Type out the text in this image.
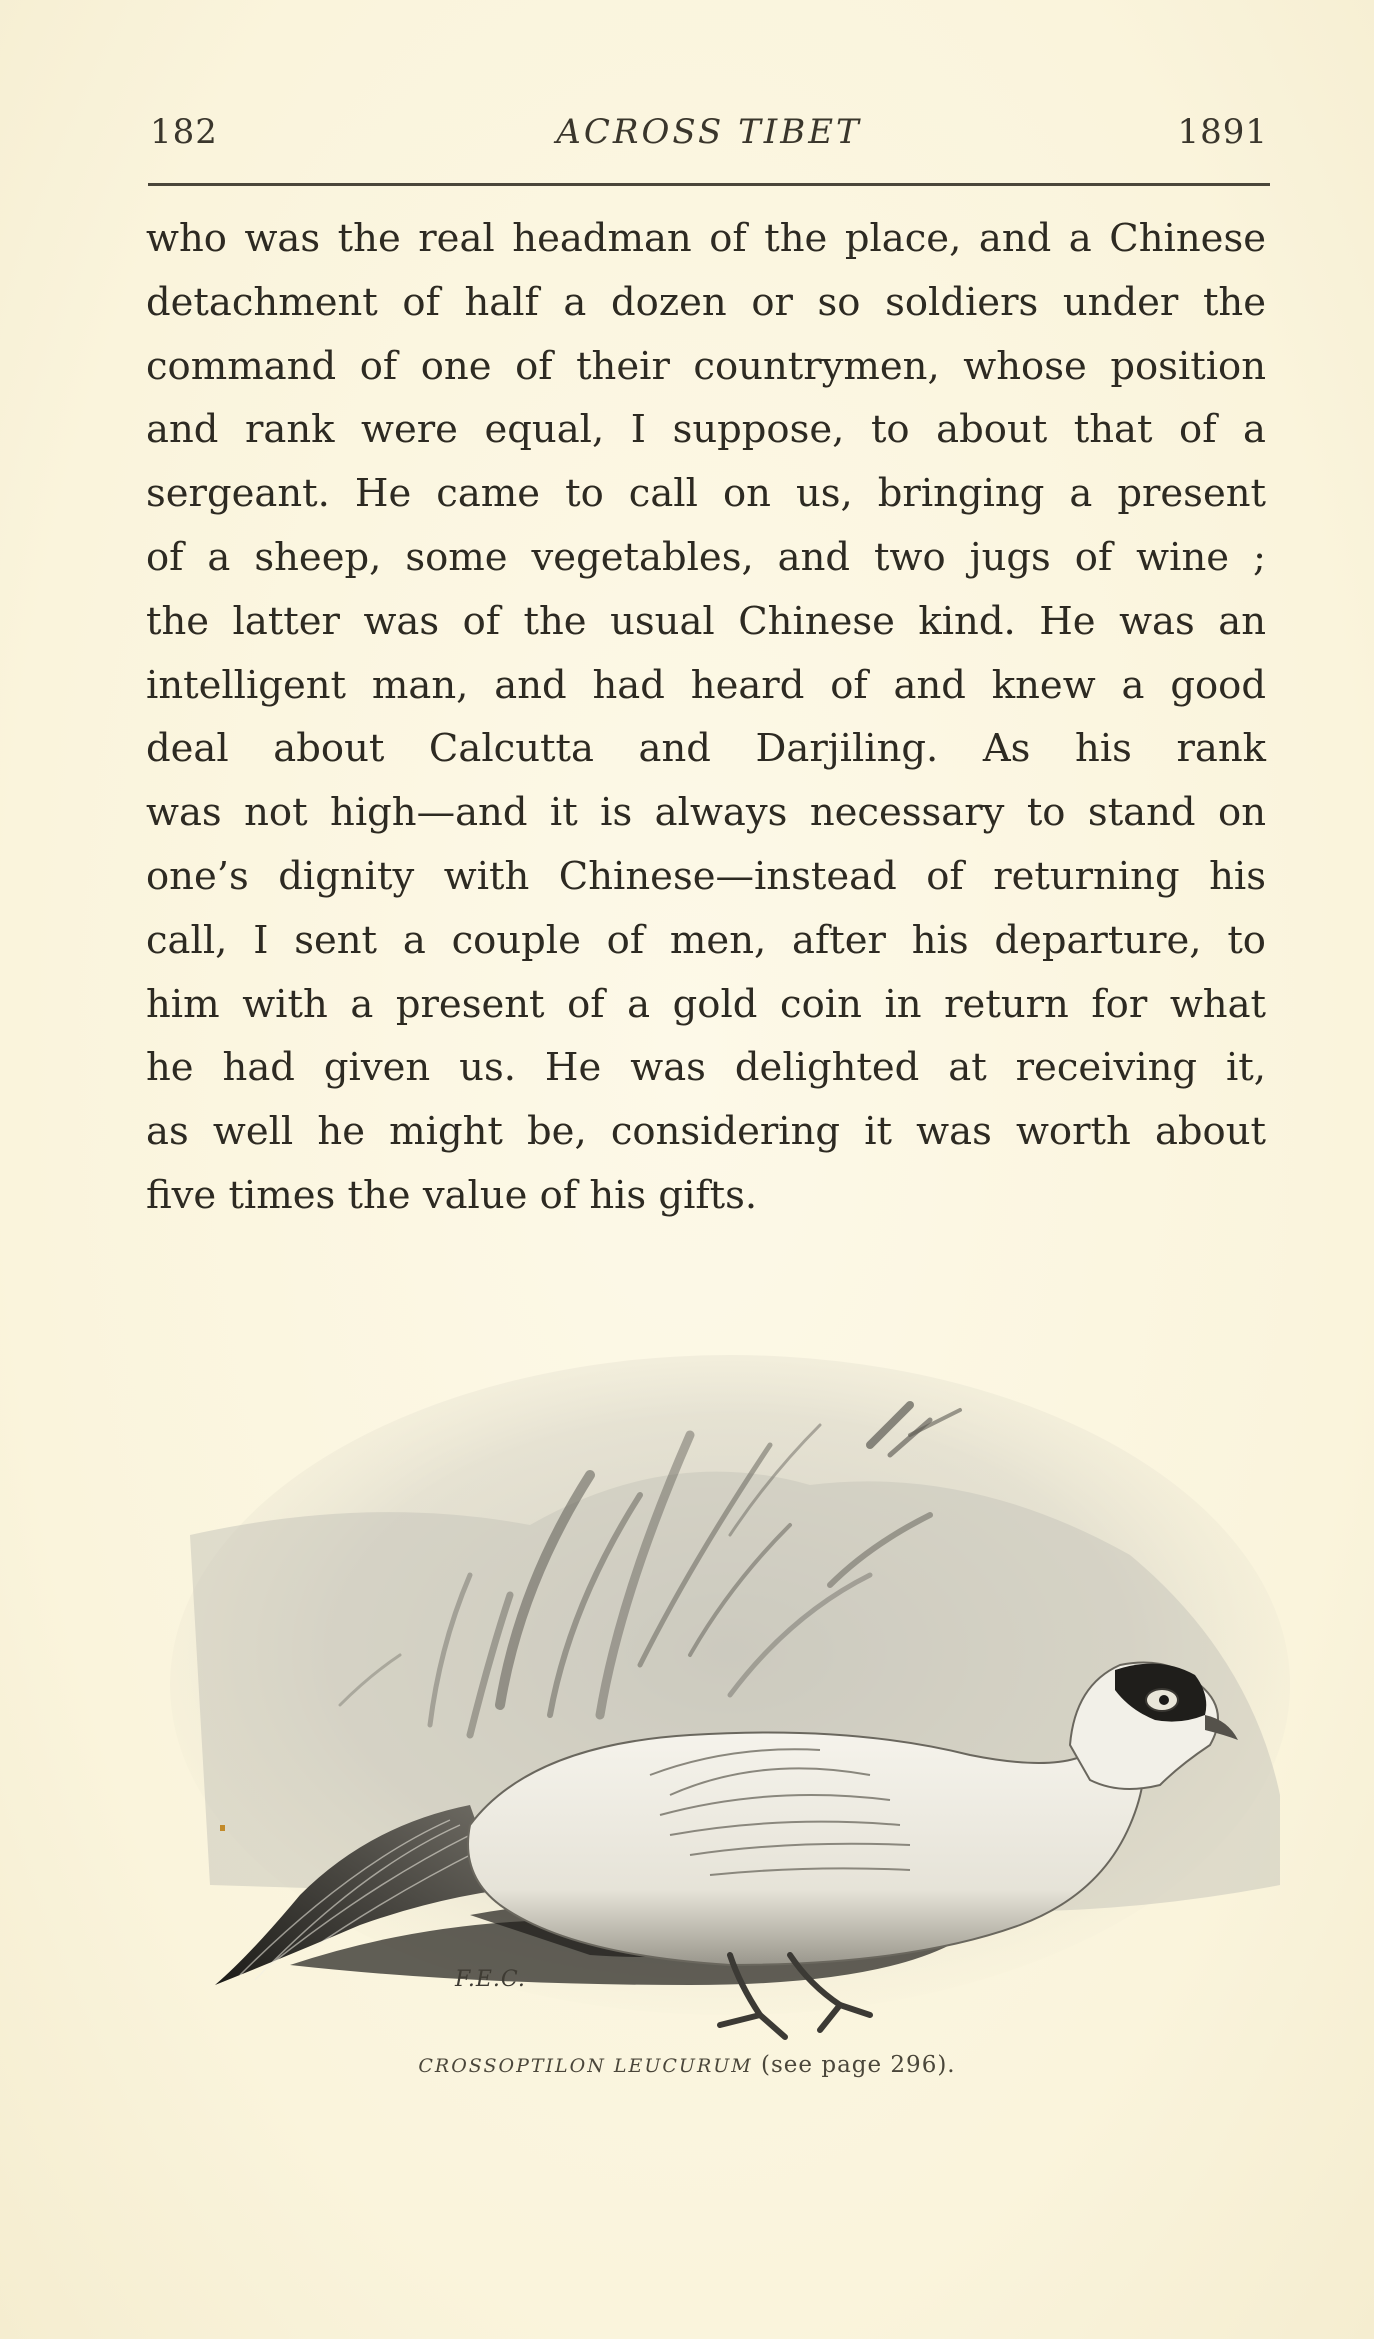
182	ACROSS TIBET	1891
who was the real headman of the place, and a Chinese
detachment of half a dozen or so soldiers under the
command of one of their countrymen, whose position
and rank were equal, I suppose, to about that of a
sergeant. He came to call on us, bringing a present
of a sheep, some vegetables, and two jugs of wine ;
the latter was of the usual Chinese kind. He was an
intelligent man, and had heard of and knew a good
deal about Calcutta and Darjiling. As his rank
was not high—and it is always necessary to stand on
one’s dignity with Chinese—instead of returning his
call, I sent a couple of men, after his departure, to
him with a present of a gold coin in return for what
he had given us. He was delighted at receiving it,
as well he might be, considering it was worth about
five times the value of his gifts.
F.E.C.
CROSSOPTILON LEUCURUM (see page 296).
